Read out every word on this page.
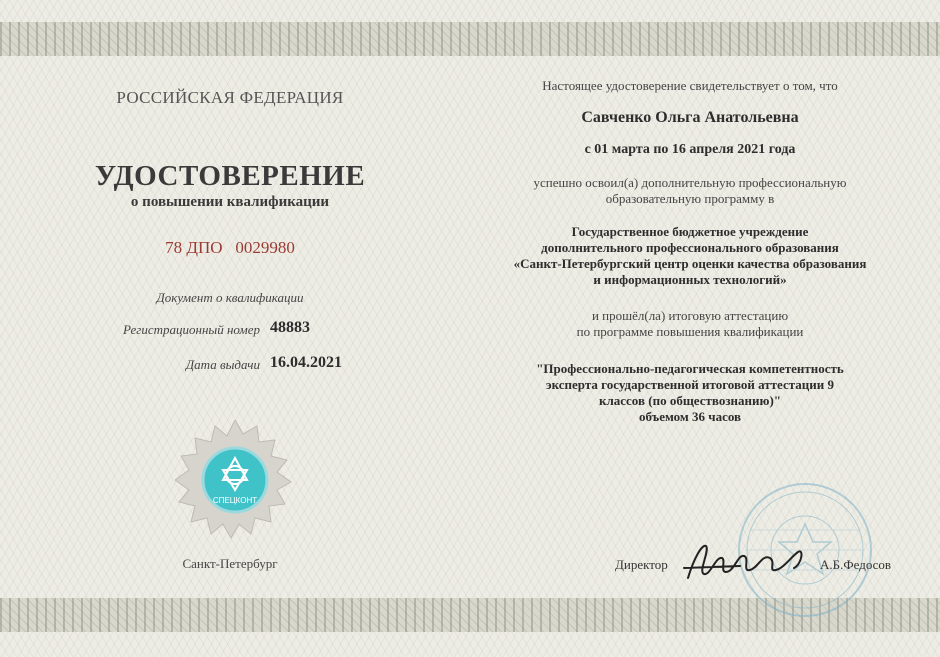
РОССИЙСКАЯ ФЕДЕРАЦИЯ
УДОСТОВЕРЕНИЕ
о повышении квалификации
78 ДПО   0029980
Документ о квалификации
Регистрационный номер 48883
Дата выдачи 16.04.2021
СПЕЦКОНТ
Санкт-Петербург
Настоящее удостоверение свидетельствует о том, что
Савченко Ольга Анатольевна
с 01 марта по 16 апреля 2021 года
успешно освоил(а) дополнительную профессиональную
образовательную программу в
Государственное бюджетное учреждение
дополнительного профессионального образования
«Санкт-Петербургский центр оценки качества образования
и информационных технологий»
и прошёл(ла) итоговую аттестацию
по программе повышения квалификации
"Профессионально-педагогическая компетентность
эксперта государственной итоговой аттестации 9
классов (по обществознанию)"
объемом 36 часов
Директор	А.Б.Федосов
